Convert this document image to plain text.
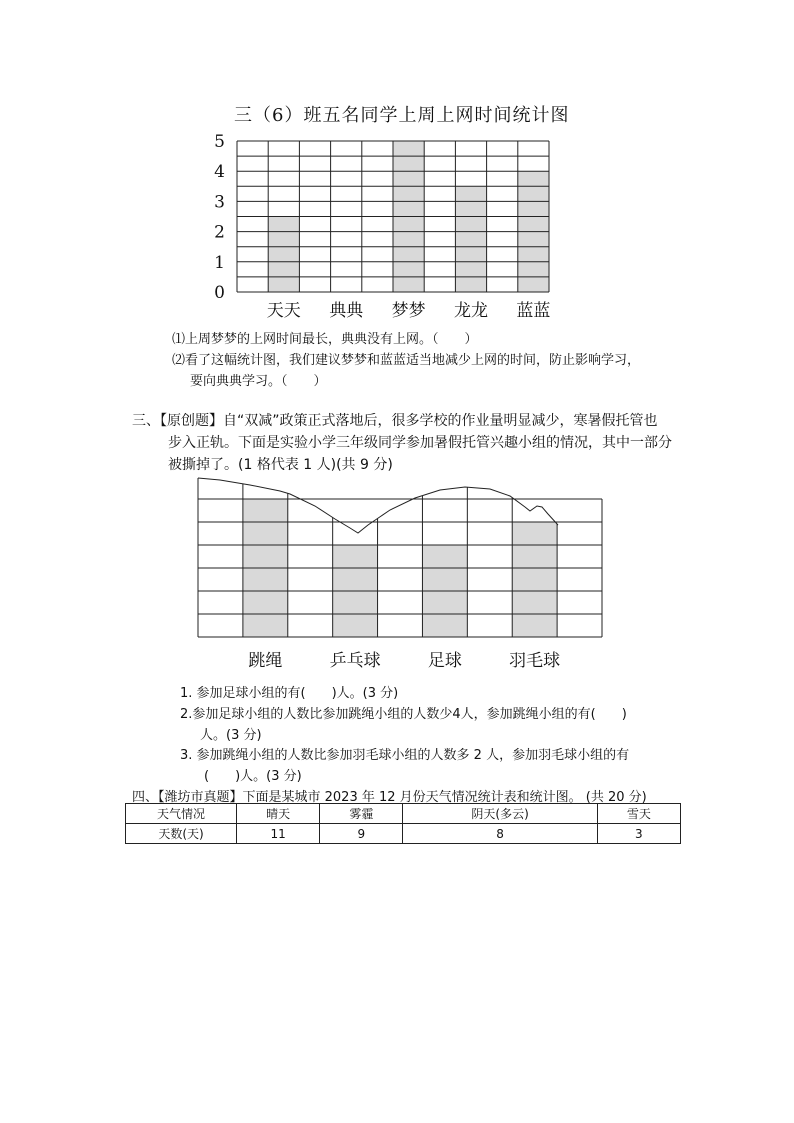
三（6）班五名同学上周上网时间统计图
0
1
2
3
4
5
天天 典典 梦梦 龙龙 蓝蓝
⑴上周梦梦的上网时间最长，典典没有上网。（　　）
⑵看了这幅统计图，我们建议梦梦和蓝蓝适当地减少上网的时间，防止影响学习，
要向典典学习。（　　）
三、【原创题】自“双减”政策正式落地后，很多学校的作业量明显减少，寒暑假托管也
步入正轨。下面是实验小学三年级同学参加暑假托管兴趣小组的情况，其中一部分
被撕掉了。(1 格代表 1 人)(共 9 分)
跳绳	乒乓球	足球	羽毛球
1. 参加足球小组的有(　　)人。(3 分)
2.参加足球小组的人数比参加跳绳小组的人数少4人，参加跳绳小组的有(　　)
人。(3 分)
3. 参加跳绳小组的人数比参加羽毛球小组的人数多 2 人，参加羽毛球小组的有
(　　)人。(3 分)
四、【潍坊市真题】下面是某城市 2023 年 12 月份天气情况统计表和统计图。 (共 20 分)
天气情况	晴天	雾霾	阴天(多云)	雪天
天数(天)	11	9	8	3
